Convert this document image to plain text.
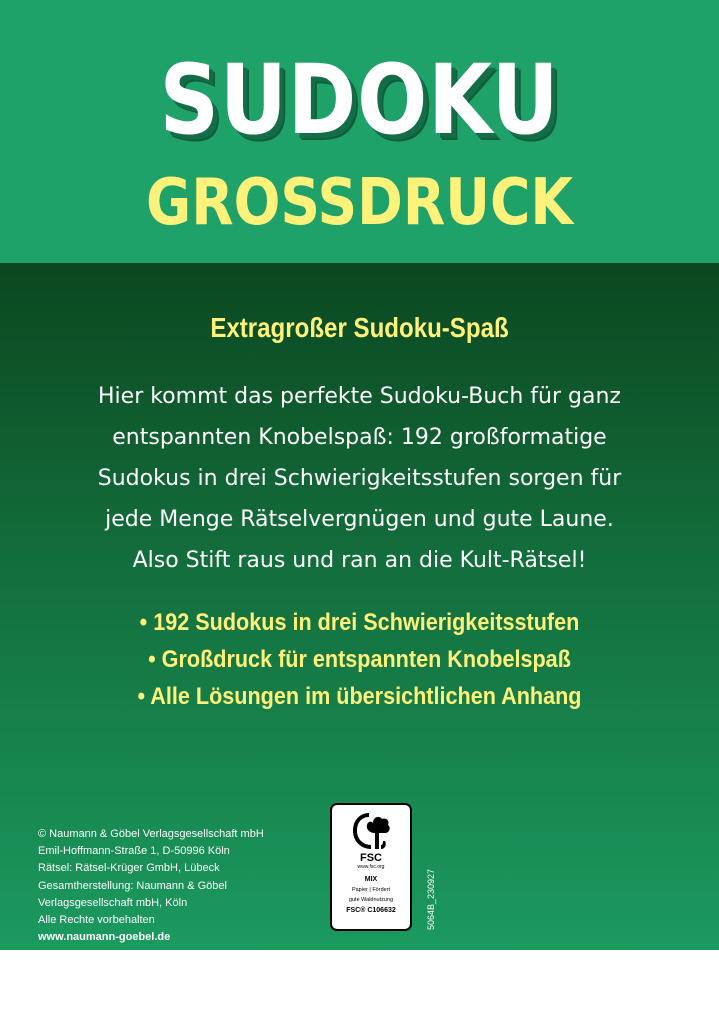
SUDOKU
GROSSDRUCK
Extragroßer Sudoku-Spaß
Hier kommt das perfekte Sudoku-Buch für ganz
entspannten Knobelspaß: 192 großformatige
Sudokus in drei Schwierigkeitsstufen sorgen für
jede Menge Rätselvergnügen und gute Laune.
Also Stift raus und ran an die Kult-Rätsel!
• 192 Sudokus in drei Schwierigkeitsstufen
• Großdruck für entspannten Knobelspaß
• Alle Lösungen im übersichtlichen Anhang
© Naumann & Göbel Verlagsgesellschaft mbH
Emil-Hoffmann-Straße 1, D-50996 Köln
Rätsel: Rätsel-Krüger GmbH, Lübeck
Gesamtherstellung: Naumann & Göbel
Verlagsgesellschaft mbH, Köln
Alle Rechte vorbehalten
www.naumann-goebel.de
FSC
www.fsc.org
MIX
Papier | Fördert
gute Waldnutzung
FSC® C106632	5064B_230927
